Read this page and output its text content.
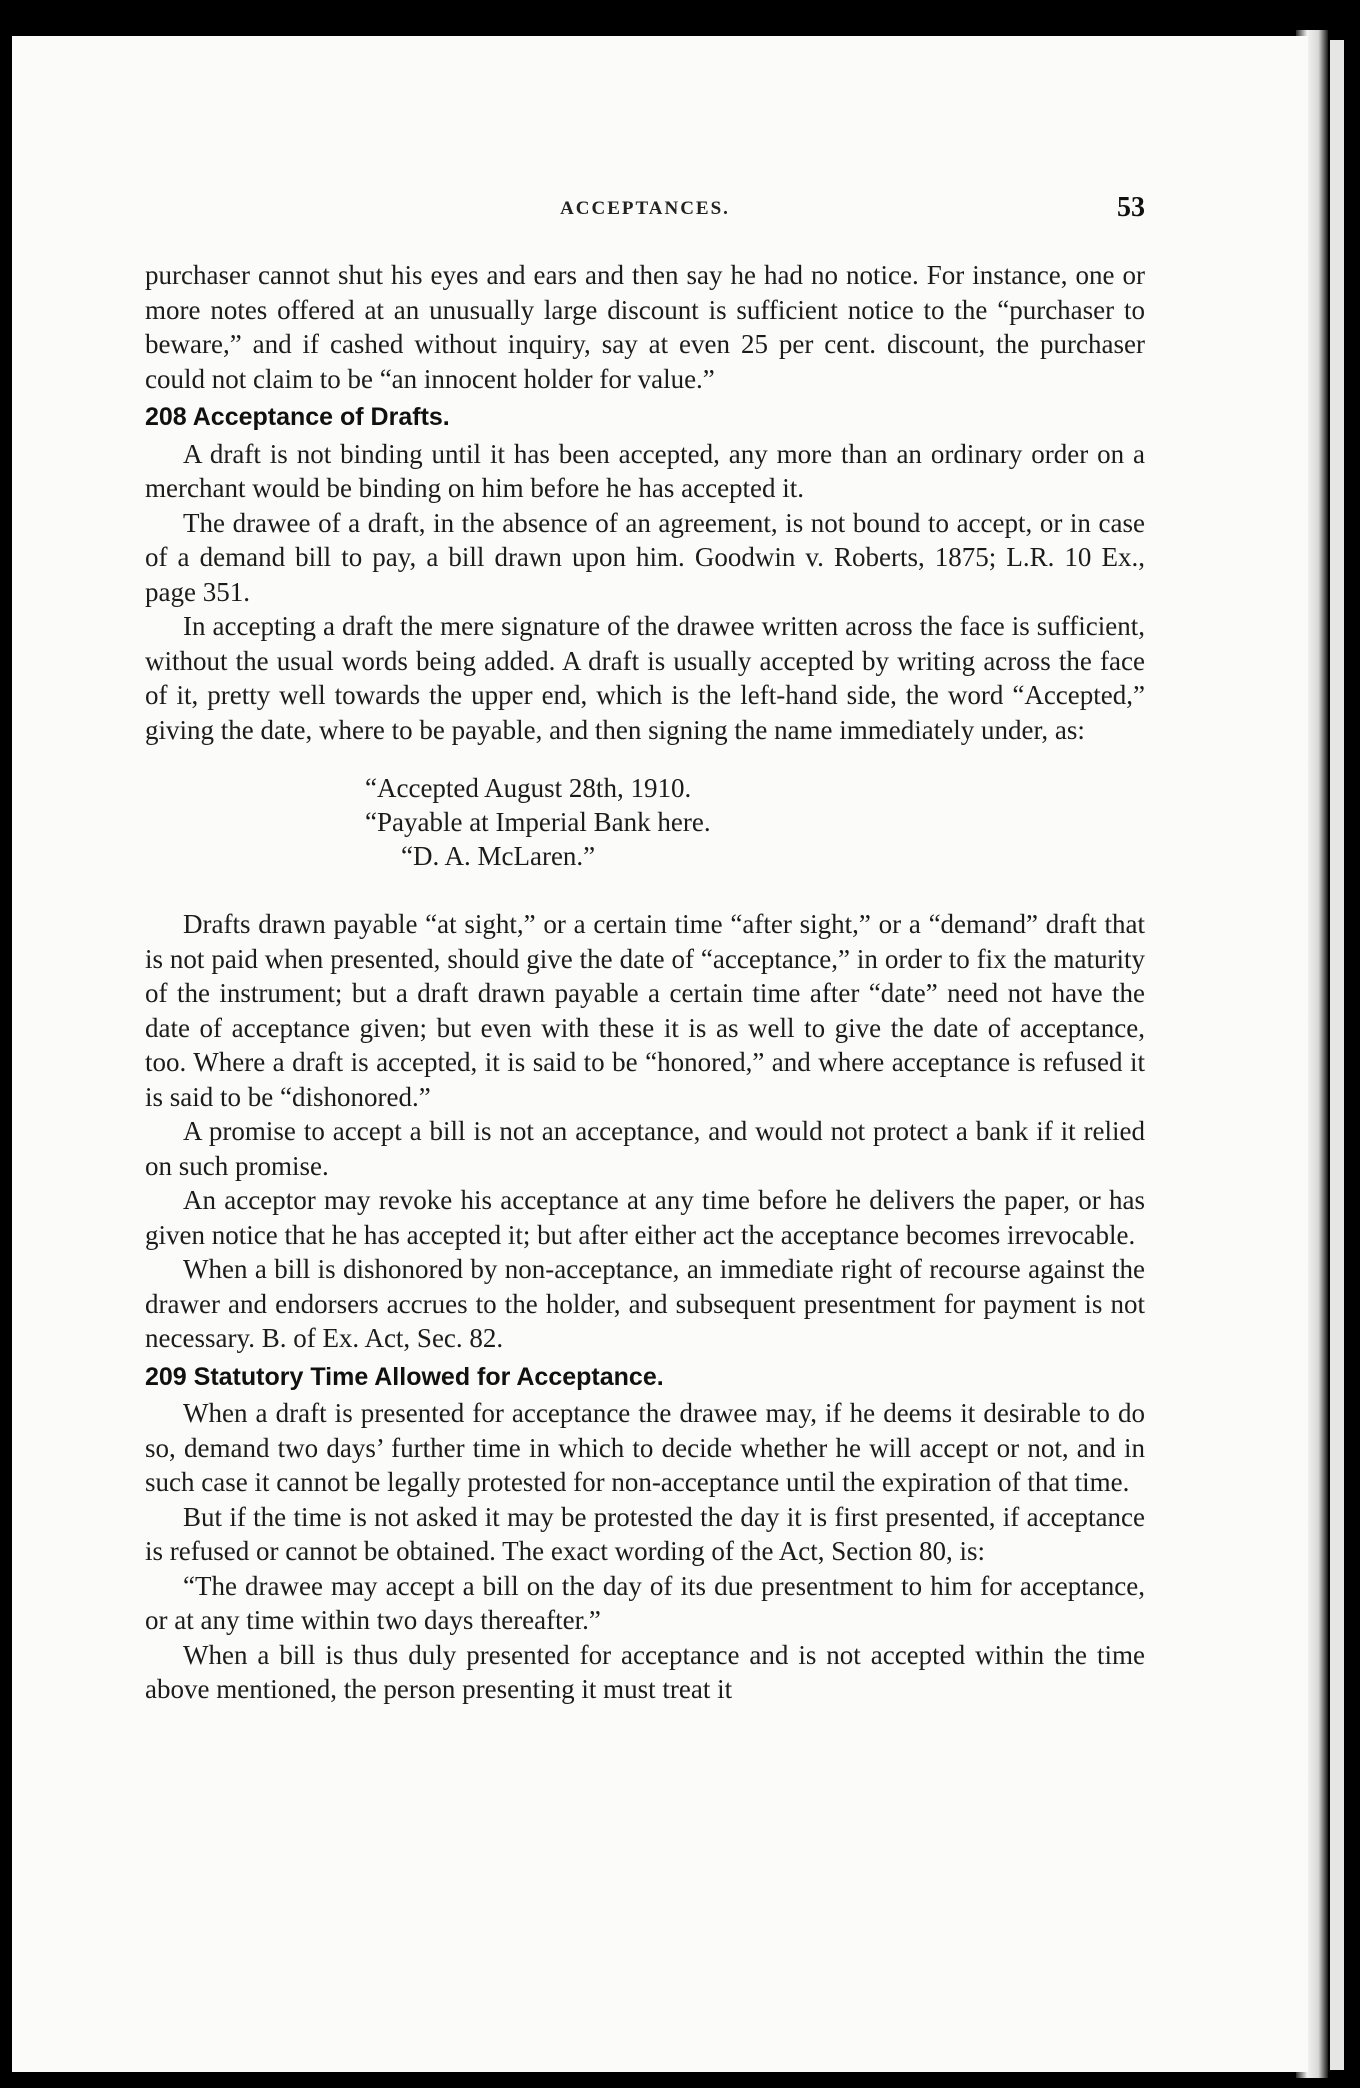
ACCEPTANCES.	53

purchaser cannot shut his eyes and ears and then say he had no notice. For instance, one or more notes offered at an unusually large discount is sufficient notice to the “purchaser to beware,” and if cashed without inquiry, say at even 25 per cent. discount, the purchaser could not claim to be “an innocent holder for value.”

208 Acceptance of Drafts.

A draft is not binding until it has been accepted, any more than an ordinary order on a merchant would be binding on him before he has accepted it.

The drawee of a draft, in the absence of an agreement, is not bound to accept, or in case of a demand bill to pay, a bill drawn upon him. Goodwin v. Roberts, 1875; L.R. 10 Ex., page 351.

In accepting a draft the mere signature of the drawee written across the face is sufficient, without the usual words being added. A draft is usually accepted by writing across the face of it, pretty well towards the upper end, which is the left-hand side, the word “Accepted,” giving the date, where to be payable, and then signing the name immediately under, as:

“Accepted August 28th, 1910.
“Payable at Imperial Bank here.
“D. A. McLaren.”

Drafts drawn payable “at sight,” or a certain time “after sight,” or a “demand” draft that is not paid when presented, should give the date of “acceptance,” in order to fix the maturity of the instrument; but a draft drawn payable a certain time after “date” need not have the date of acceptance given; but even with these it is as well to give the date of acceptance, too. Where a draft is accepted, it is said to be “honored,” and where acceptance is refused it is said to be “dishonored.”

A promise to accept a bill is not an acceptance, and would not protect a bank if it relied on such promise.

An acceptor may revoke his acceptance at any time before he delivers the paper, or has given notice that he has accepted it; but after either act the acceptance becomes irrevocable.

When a bill is dishonored by non-acceptance, an immediate right of recourse against the drawer and endorsers accrues to the holder, and subsequent presentment for payment is not necessary. B. of Ex. Act, Sec. 82.

209 Statutory Time Allowed for Acceptance.

When a draft is presented for acceptance the drawee may, if he deems it desirable to do so, demand two days’ further time in which to decide whether he will accept or not, and in such case it cannot be legally protested for non-acceptance until the expiration of that time.

But if the time is not asked it may be protested the day it is first presented, if acceptance is refused or cannot be obtained. The exact wording of the Act, Section 80, is:

“The drawee may accept a bill on the day of its due presentment to him for acceptance, or at any time within two days thereafter.”

When a bill is thus duly presented for acceptance and is not accepted within the time above mentioned, the person presenting it must treat it
